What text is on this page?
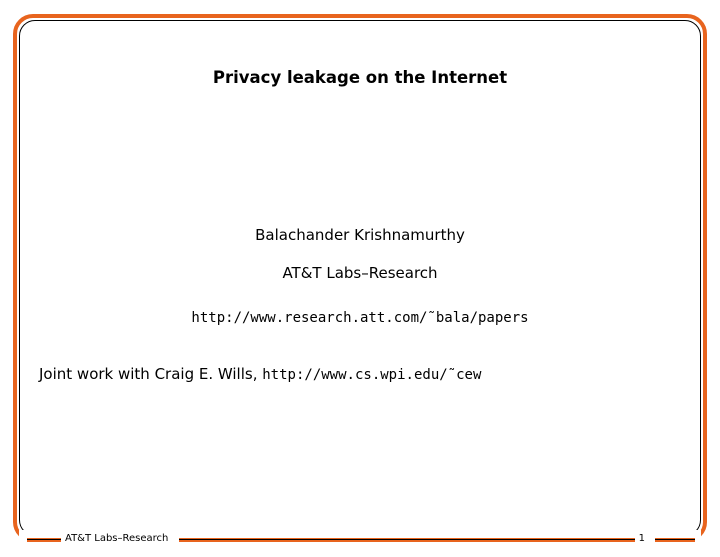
Privacy leakage on the Internet
Balachander Krishnamurthy
AT&T Labs–Research
http://www.research.att.com/˜bala/papers
Joint work with Craig E. Wills, http://www.cs.wpi.edu/˜cew
AT&T Labs–Research	1
